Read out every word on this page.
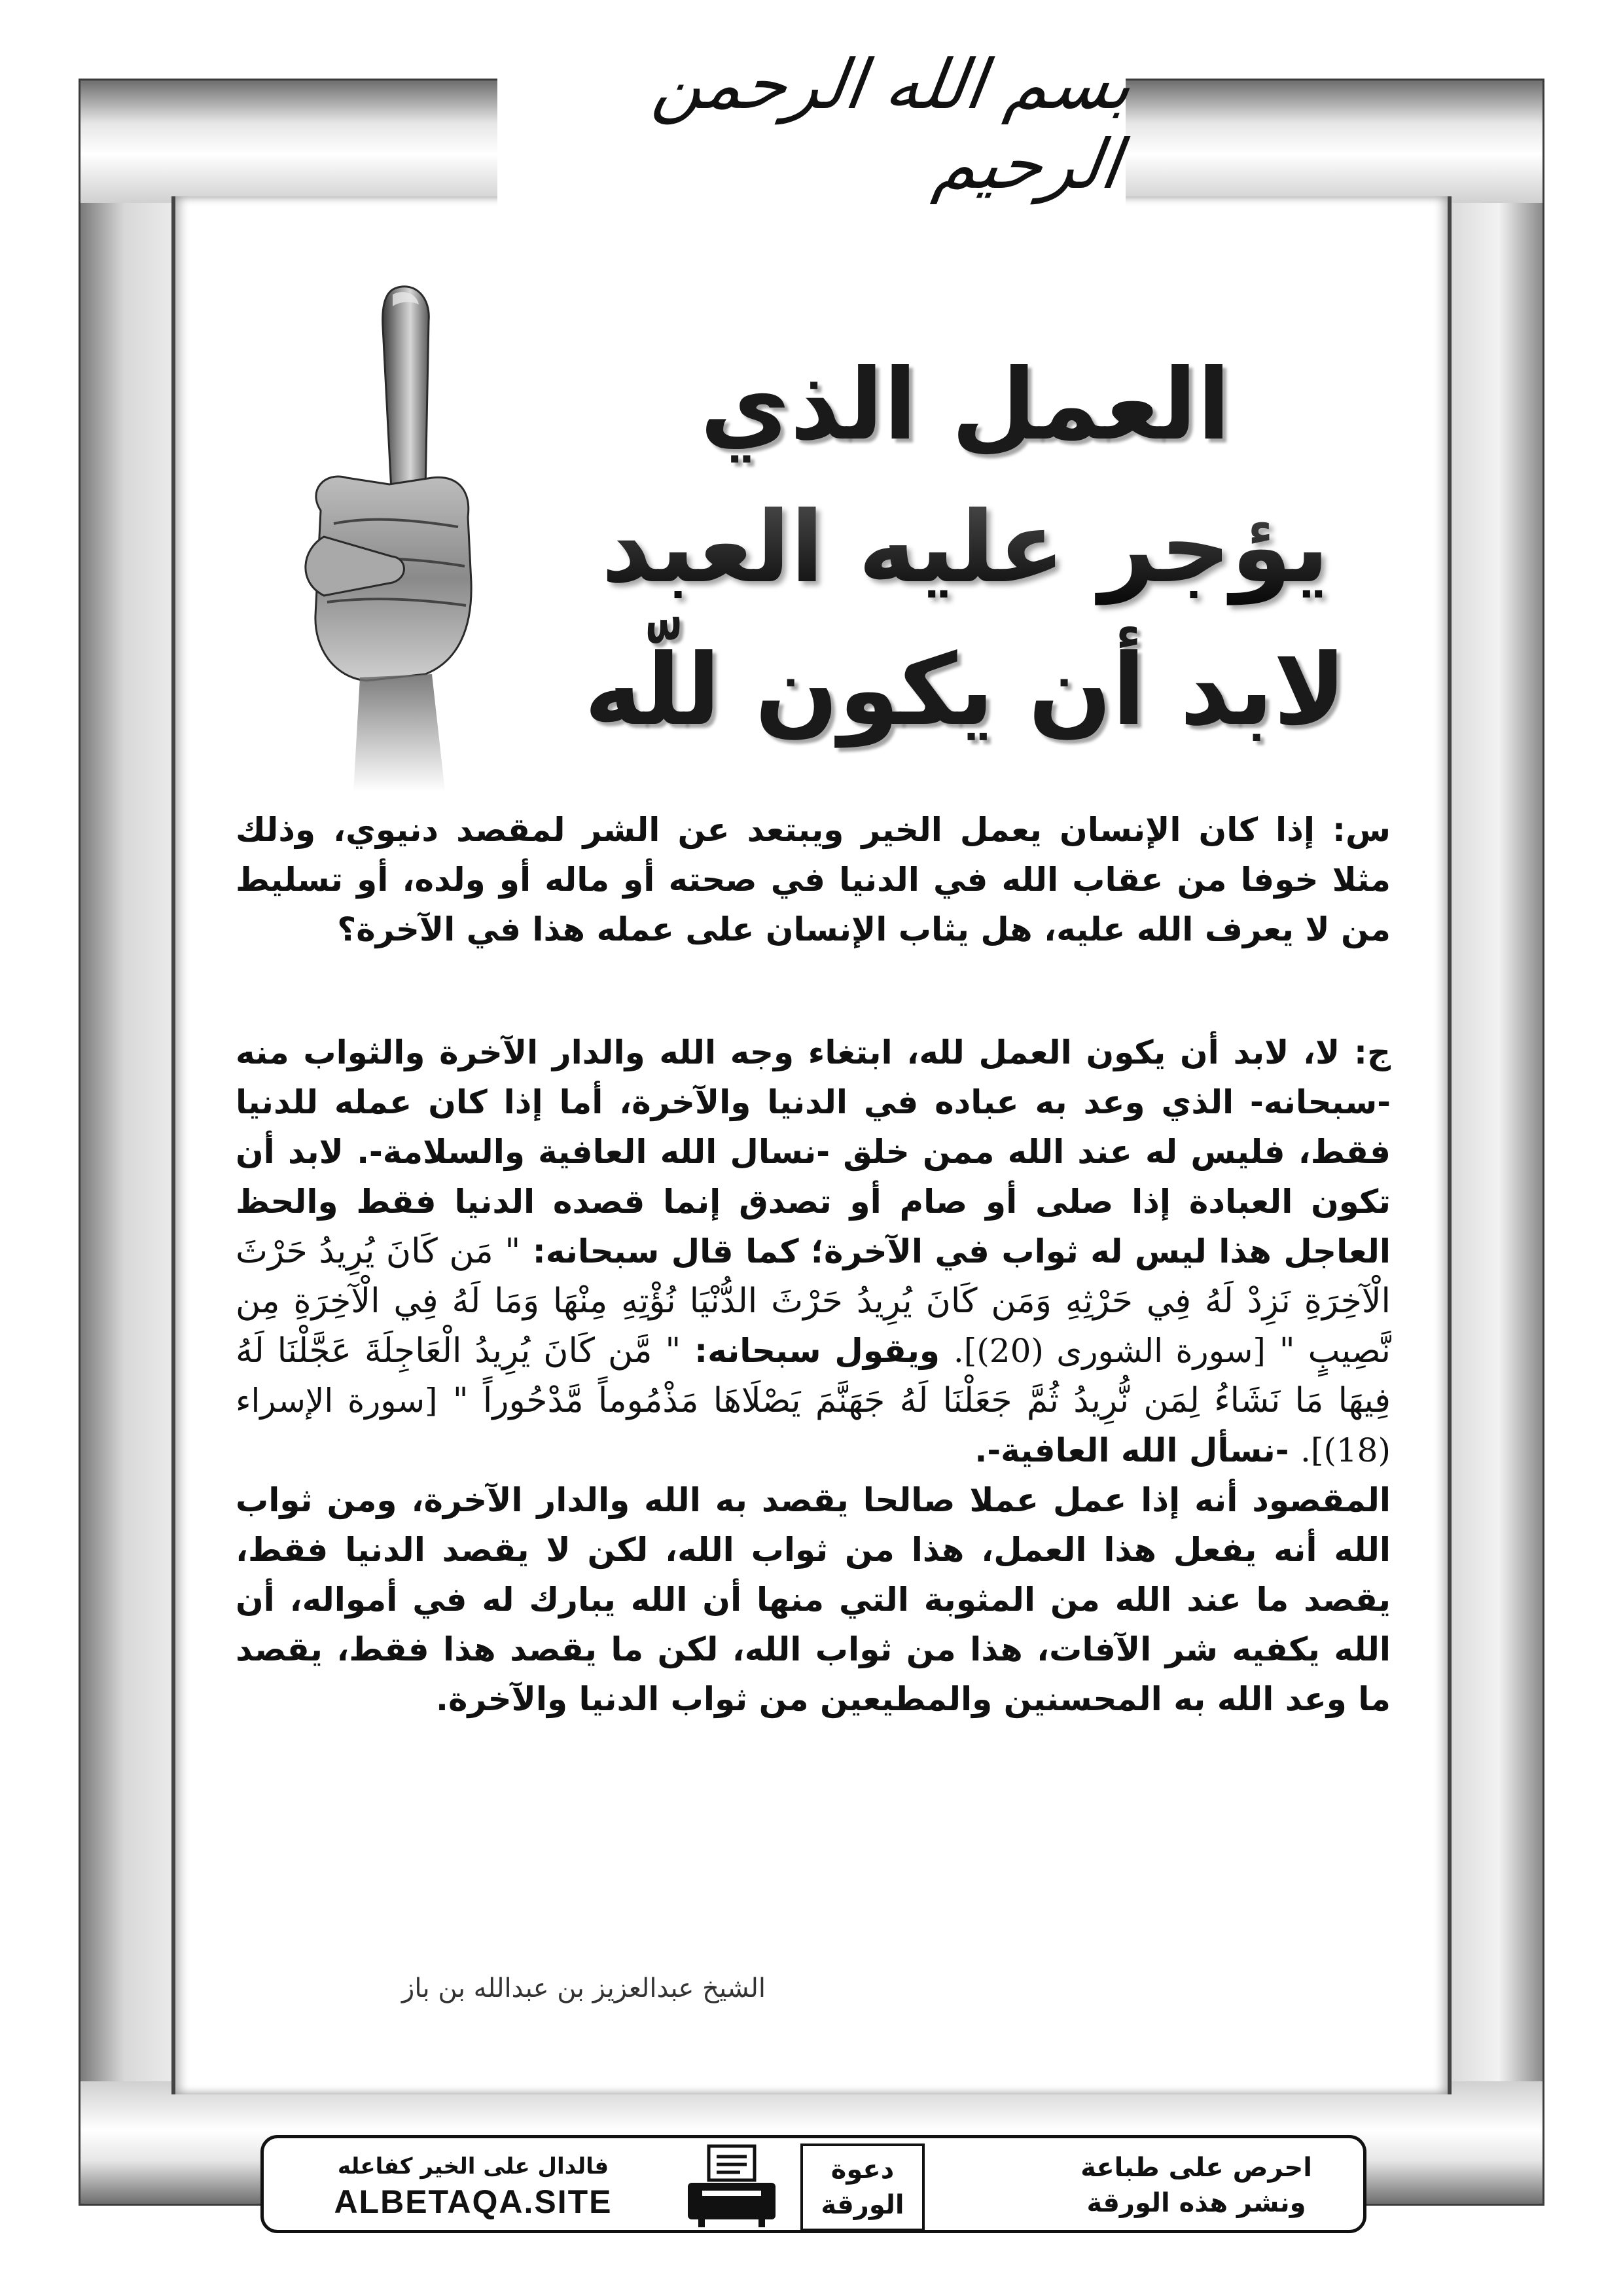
بسم الله الرحمن الرحيم
العمل الذي
يؤجر عليه العبد
لابد أن يكون للّه

س: إذا كان الإنسان يعمل الخير ويبتعد عن الشر لمقصد دنيوي، وذلك مثلا خوفا من عقاب الله في الدنيا في صحته أو ماله أو ولده، أو تسليط من لا يعرف الله عليه، هل يثاب الإنسان على عمله هذا في الآخرة؟

ج: لا، لابد أن يكون العمل لله، ابتغاء وجه الله والدار الآخرة والثواب منه -سبحانه- الذي وعد به عباده في الدنيا والآخرة، أما إذا كان عمله للدنيا فقط، فليس له عند الله ممن خلق -نسال الله العافية والسلامة-. لابد أن تكون العبادة إذا صلى أو صام أو تصدق إنما قصده الدنيا فقط والحظ العاجل هذا ليس له ثواب في الآخرة؛ كما قال سبحانه: " مَن كَانَ يُرِيدُ حَرْثَ الْآخِرَةِ نَزِدْ لَهُ فِي حَرْثِهِ وَمَن كَانَ يُرِيدُ حَرْثَ الدُّنْيَا نُؤْتِهِ مِنْهَا وَمَا لَهُ فِي الْآخِرَةِ مِن نَّصِيبٍ " [سورة الشورى (20)]. ويقول سبحانه: " مَّن كَانَ يُرِيدُ الْعَاجِلَةَ عَجَّلْنَا لَهُ فِيهَا مَا نَشَاءُ لِمَن نُّرِيدُ ثُمَّ جَعَلْنَا لَهُ جَهَنَّمَ يَصْلَاهَا مَذْمُوماً مَّدْحُوراً " [سورة الإسراء (18)]. -نسأل الله العافية-.

المقصود أنه إذا عمل عملا صالحا يقصد به الله والدار الآخرة، ومن ثواب الله أنه يفعل هذا العمل، هذا من ثواب الله، لكن لا يقصد الدنيا فقط، يقصد ما عند الله من المثوبة التي منها أن الله يبارك له في أمواله، أن الله يكفيه شر الآفات، هذا من ثواب الله، لكن ما يقصد هذا فقط، يقصد ما وعد الله به المحسنين والمطيعين من ثواب الدنيا والآخرة.

الشيخ عبدالعزيز بن عبدالله بن باز
احرص على طباعة
ونشر هذه الورقة
دعوة
الورقة
فالدال على الخير كفاعله
ALBETAQA.SITE
